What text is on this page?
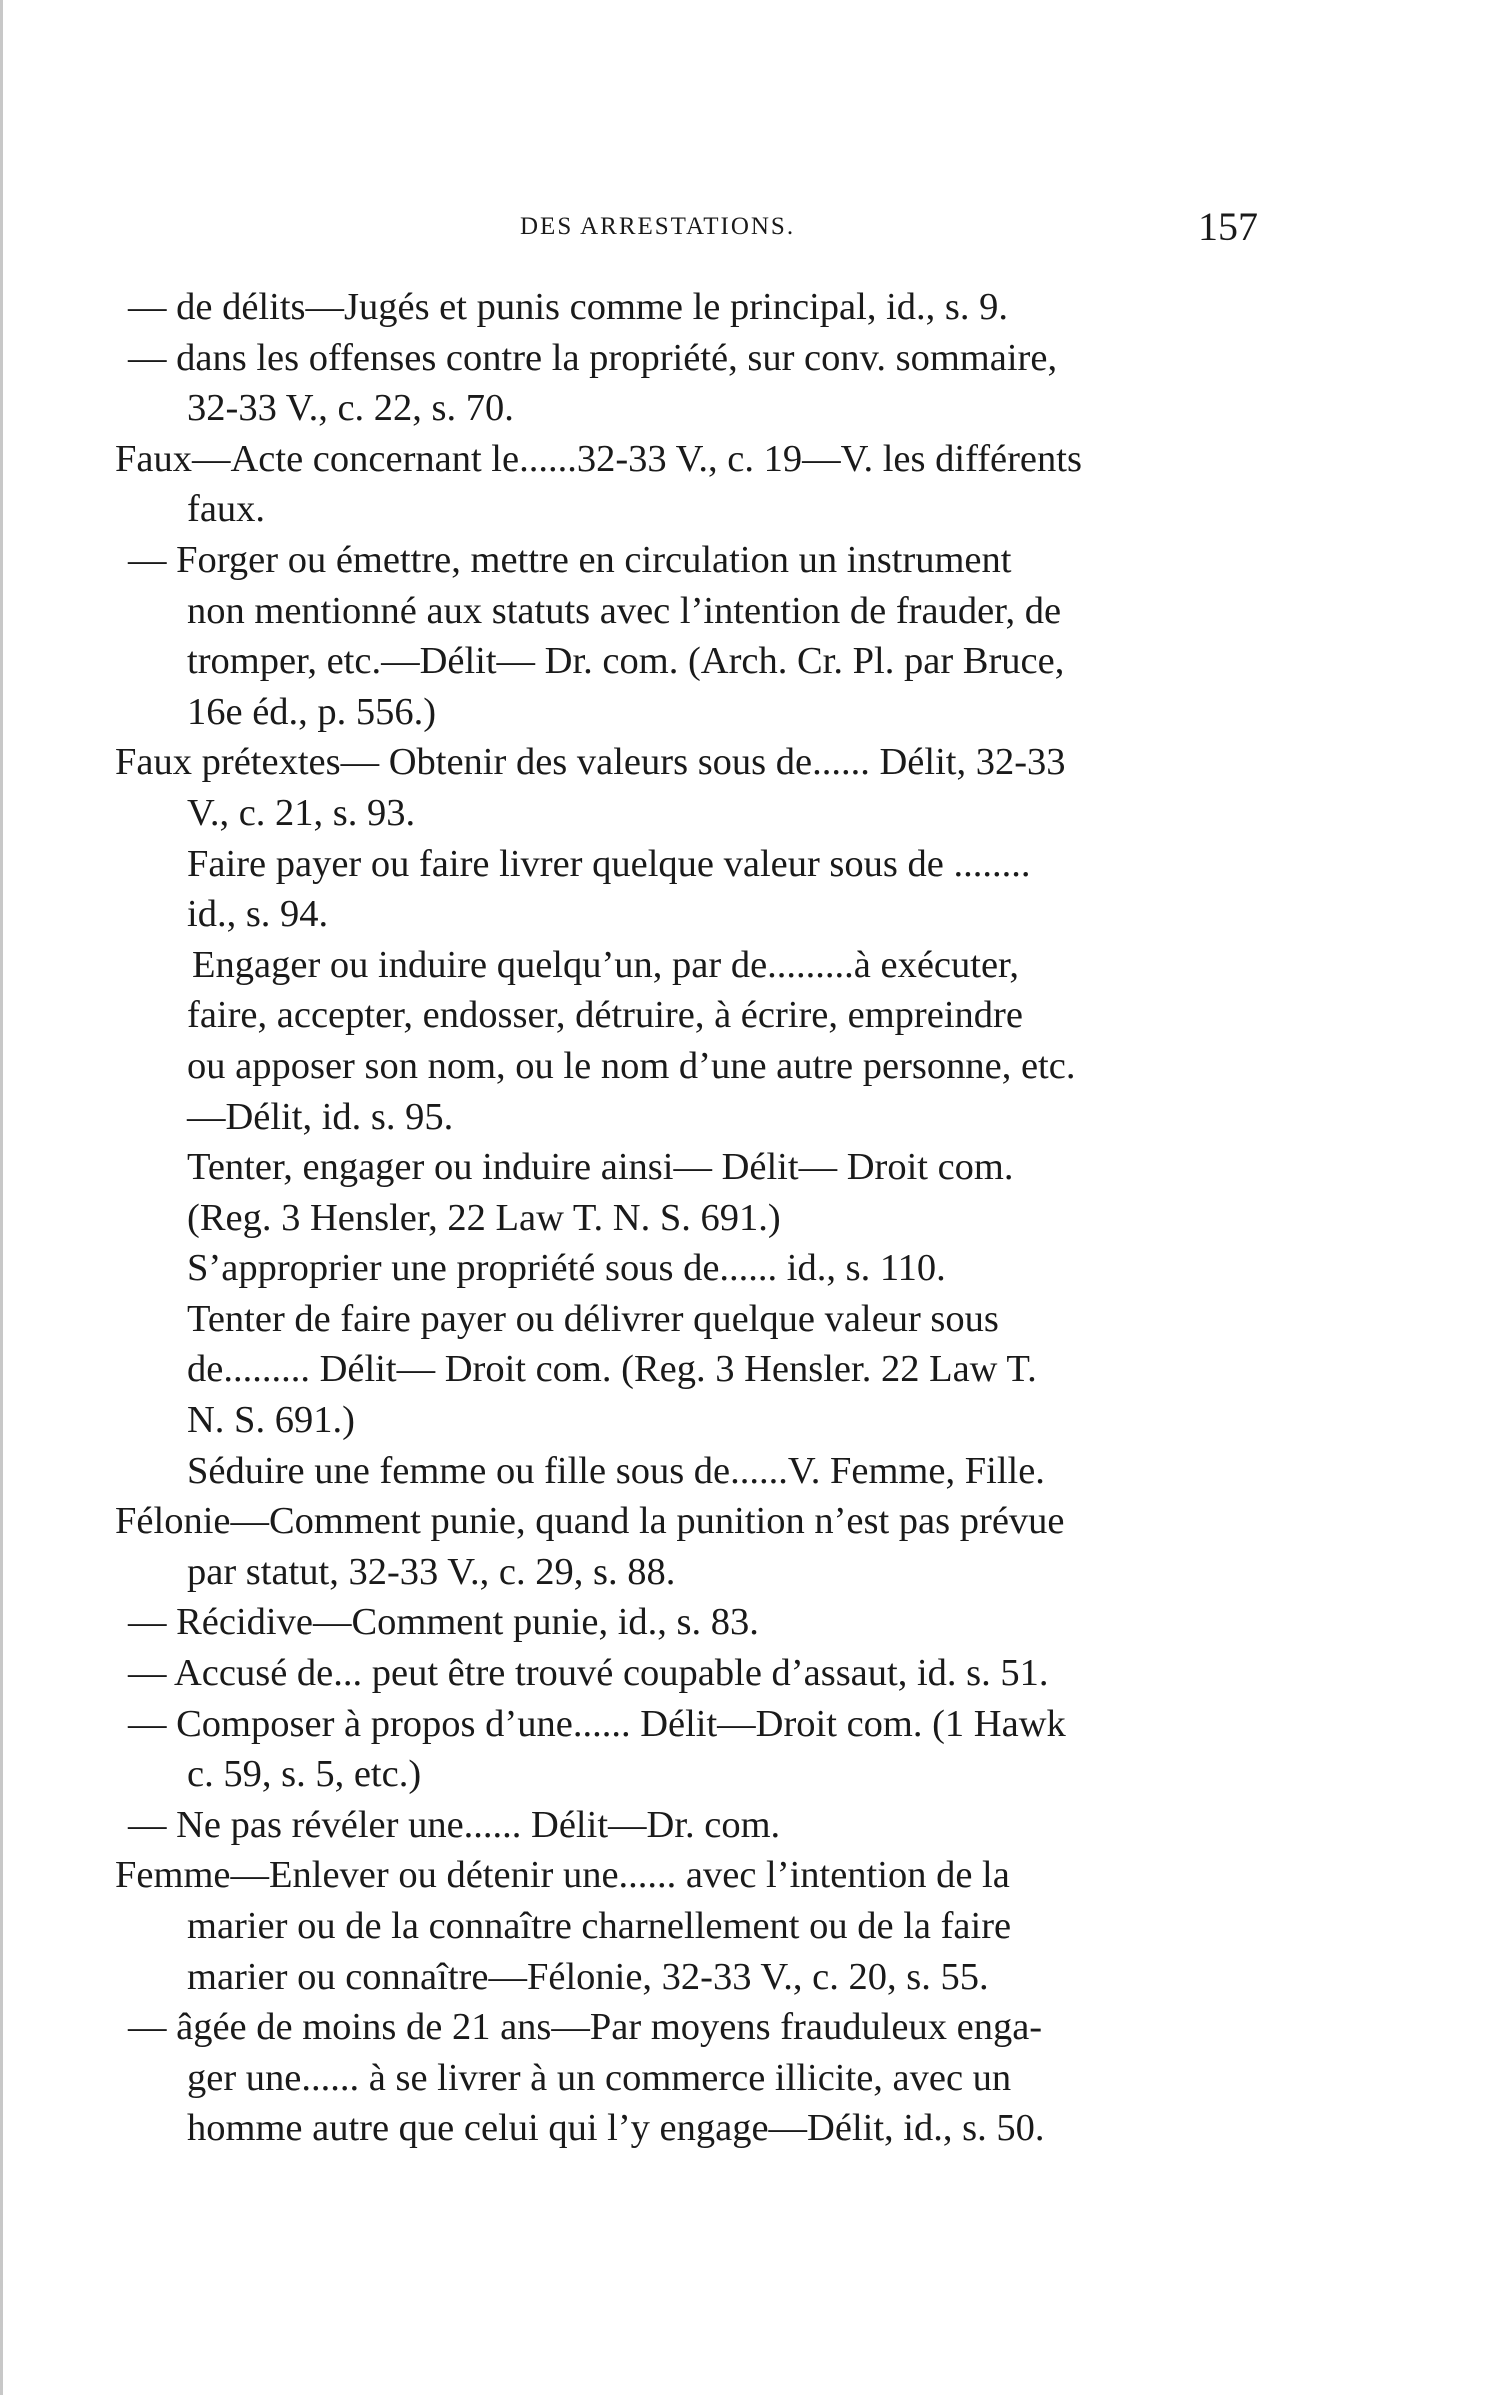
DES ARRESTATIONS.	157
— de délits—Jugés et punis comme le principal, id., s. 9.
— dans les offenses contre la propriété, sur conv. sommaire,
32-33 V., c. 22, s. 70.
Faux—Acte concernant le......32-33 V., c. 19—V. les différents
faux.
— Forger ou émettre, mettre en circulation un instrument
non mentionné aux statuts avec l’intention de frauder, de
tromper, etc.—Délit— Dr. com. (Arch. Cr. Pl. par Bruce,
16e éd., p. 556.)
Faux prétextes— Obtenir des valeurs sous de...... Délit, 32-33
V., c. 21, s. 93.
Faire payer ou faire livrer quelque valeur sous de ........
id., s. 94.
Engager ou induire quelqu’un, par de.........à exécuter,
faire, accepter, endosser, détruire, à écrire, empreindre
ou apposer son nom, ou le nom d’une autre personne, etc.
—Délit, id. s. 95.
Tenter, engager ou induire ainsi— Délit— Droit com.
(Reg. 3 Hensler, 22 Law T. N. S. 691.)
S’approprier une propriété sous de...... id., s. 110.
Tenter de faire payer ou délivrer quelque valeur sous
de......... Délit— Droit com. (Reg. 3 Hensler. 22 Law T.
N. S. 691.)
Séduire une femme ou fille sous de......V. Femme, Fille.
Félonie—Comment punie, quand la punition n’est pas prévue
par statut, 32-33 V., c. 29, s. 88.
— Récidive—Comment punie, id., s. 83.
— Accusé de... peut être trouvé coupable d’assaut, id. s. 51.
— Composer à propos d’une...... Délit—Droit com. (1 Hawk
c. 59, s. 5, etc.)
— Ne pas révéler une...... Délit—Dr. com.
Femme—Enlever ou détenir une...... avec l’intention de la
marier ou de la connaître charnellement ou de la faire
marier ou connaître—Félonie, 32-33 V., c. 20, s. 55.
— âgée de moins de 21 ans—Par moyens frauduleux enga-
ger une...... à se livrer à un commerce illicite, avec un
homme autre que celui qui l’y engage—Délit, id., s. 50.
